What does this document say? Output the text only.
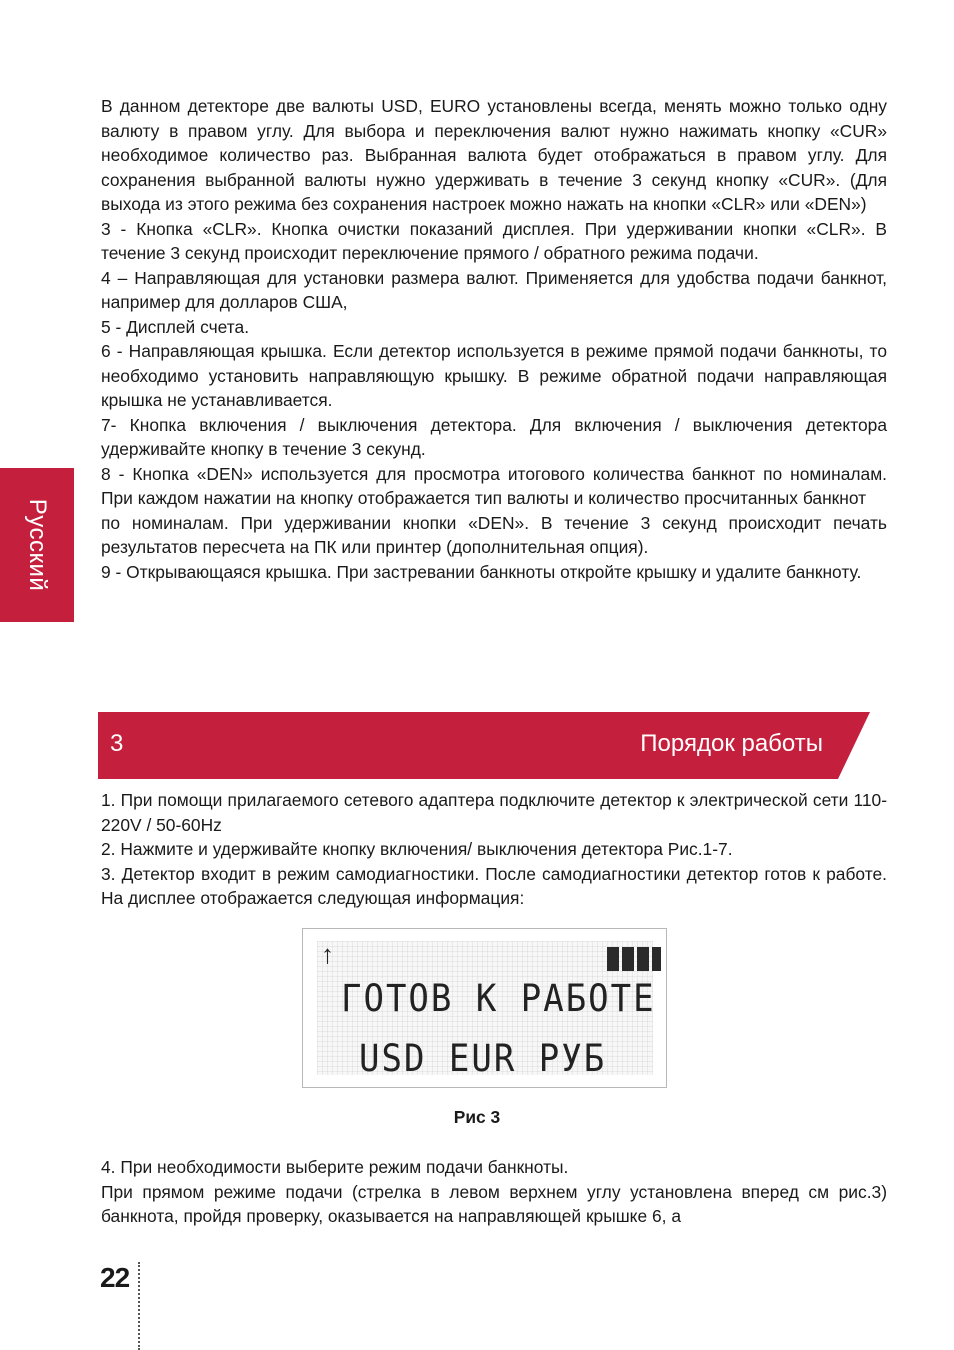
Русский

В данном детекторе две валюты USD, EURO установлены всегда, менять можно только одну валюту в правом углу. Для выбора и переключения валют нужно нажимать кнопку «CUR» необходимое количество раз. Выбранная валюта будет отображаться в правом углу. Для сохранения выбранной валюты нужно удерживать в течение 3 секунд кнопку «CUR». (Для выхода из этого режима без сохранения настроек можно нажать на кнопки «CLR» или «DEN»)

3 - Кнопка «CLR». Кнопка очистки показаний дисплея. При удерживании кнопки «CLR». В течение 3 секунд происходит переключение прямого / обратного режима подачи.

4 – Направляющая для установки размера валют. Применяется для удобства подачи банкнот, например для долларов США,

5 - Дисплей счета.

6 - Направляющая крышка. Если детектор используется в режиме прямой подачи банкноты, то необходимо установить направляющую крышку. В режиме обратной подачи направляющая крышка не устанавливается.

7- Кнопка включения / выключения детектора. Для включения / выключения детектора удерживайте кнопку в течение 3 секунд.

8 - Кнопка «DEN» используется для просмотра итогового количества банкнот по номиналам. При каждом нажатии на кнопку отображается тип валюты и количество просчитанных банкнот

по номиналам. При удерживании кнопки «DEN». В течение 3 секунд происходит печать результатов пересчета на ПК или принтер (дополнительная опция).

9 - Открывающаяся крышка. При застревании банкноты откройте крышку и удалите банкноту.

3	Порядок работы

1. При помощи прилагаемого сетевого адаптера подключите детектор к электрической сети 110-220V / 50-60Hz

2. Нажмите и удерживайте кнопку включения/ выключения детектора Рис.1-7.

3. Детектор входит в режим самодиагностики. После самодиагностики детектор готов к работе. На дисплее отображается следующая информация:

↑
ГОТОВ К РАБОТЕ
USD EUR РУБ
Рис 3

4. При необходимости выберите режим подачи банкноты.

При прямом режиме подачи (стрелка в левом верхнем углу установлена вперед см рис.3) банкнота, пройдя проверку, оказывается на направляющей крышке 6, а

22
